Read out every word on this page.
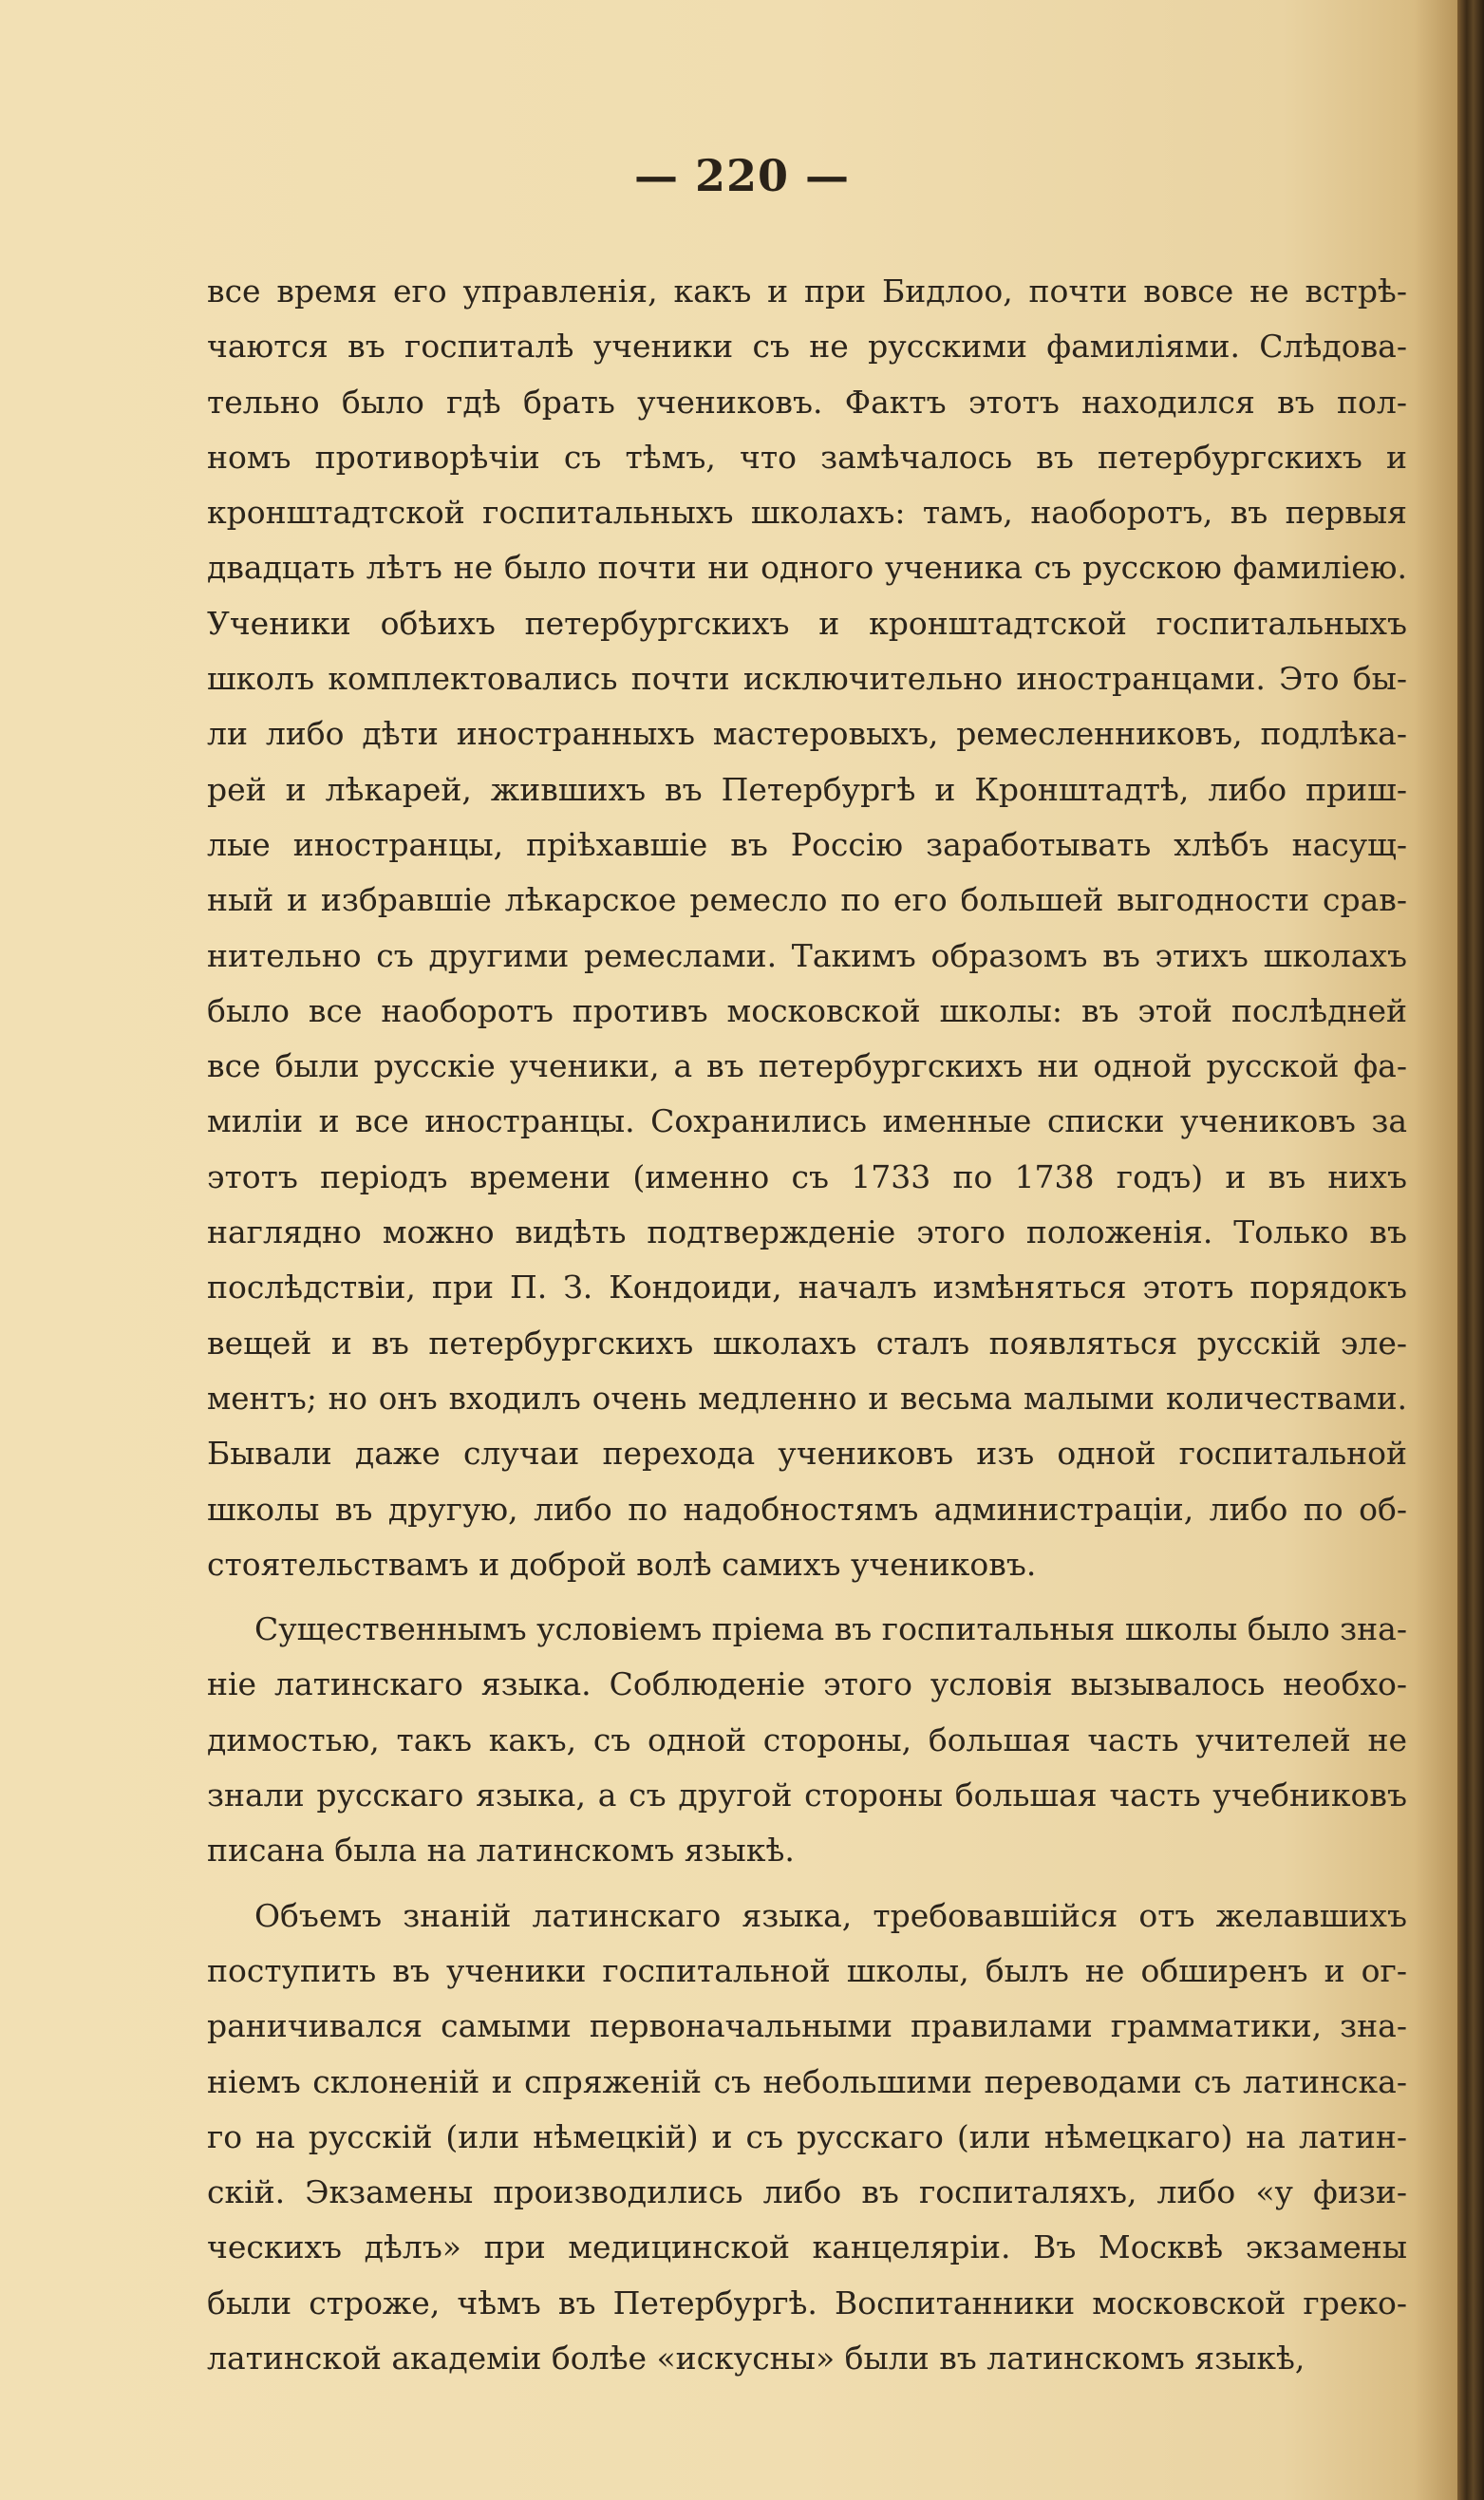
— 220 —
все время его управленія, какъ и при Бидлоо, почти вовсе не встрѣ-
чаются въ госпиталѣ ученики съ не русскими фамиліями. Слѣдова-
тельно было гдѣ брать учениковъ. Фактъ этотъ находился въ пол-
номъ противорѣчіи съ тѣмъ, что замѣчалось въ петербургскихъ и
кронштадтской госпитальныхъ школахъ: тамъ, наоборотъ, въ первыя
двадцать лѣтъ не было почти ни одного ученика съ русскою фамиліею.
Ученики обѣихъ петербургскихъ и кронштадтской госпитальныхъ
школъ комплектовались почти исключительно иностранцами. Это бы-
ли либо дѣти иностранныхъ мастеровыхъ, ремесленниковъ, подлѣка-
рей и лѣкарей, жившихъ въ Петербургѣ и Кронштадтѣ, либо приш-
лые иностранцы, пріѣхавшіе въ Россію заработывать хлѣбъ насущ-
ный и избравшіе лѣкарское ремесло по его большей выгодности срав-
нительно съ другими ремеслами. Такимъ образомъ въ этихъ школахъ
было все наоборотъ противъ московской школы: въ этой послѣдней
все были русскіе ученики, а въ петербургскихъ ни одной русской фа-
миліи и все иностранцы. Сохранились именные списки учениковъ за
этотъ періодъ времени (именно съ 1733 по 1738 годъ) и въ нихъ
наглядно можно видѣть подтвержденіе этого положенія. Только въ
послѣдствіи, при П. З. Кондоиди, началъ измѣняться этотъ порядокъ
вещей и въ петербургскихъ школахъ сталъ появляться русскій эле-
ментъ; но онъ входилъ очень медленно и весьма малыми количествами.
Бывали даже случаи перехода учениковъ изъ одной госпитальной
школы въ другую, либо по надобностямъ администраціи, либо по об-
стоятельствамъ и доброй волѣ самихъ учениковъ.
Существеннымъ условіемъ пріема въ госпитальныя школы было зна-
ніе латинскаго языка. Соблюденіе этого условія вызывалось необхо-
димостью, такъ какъ, съ одной стороны, большая часть учителей не
знали русскаго языка, а съ другой стороны большая часть учебниковъ
писана была на латинскомъ языкѣ.
Объемъ знаній латинскаго языка, требовавшійся отъ желавшихъ
поступить въ ученики госпитальной школы, былъ не обширенъ и ог-
раничивался самыми первоначальными правилами грамматики, зна-
ніемъ склоненій и спряженій съ небольшими переводами съ латинска-
го на русскій (или нѣмецкій) и съ русскаго (или нѣмецкаго) на латин-
скій. Экзамены производились либо въ госпиталяхъ, либо «у физи-
ческихъ дѣлъ» при медицинской канцеляріи. Въ Москвѣ экзамены
были строже, чѣмъ въ Петербургѣ. Воспитанники московской греко-
латинской академіи болѣе «искусны» были въ латинскомъ языкѣ,
